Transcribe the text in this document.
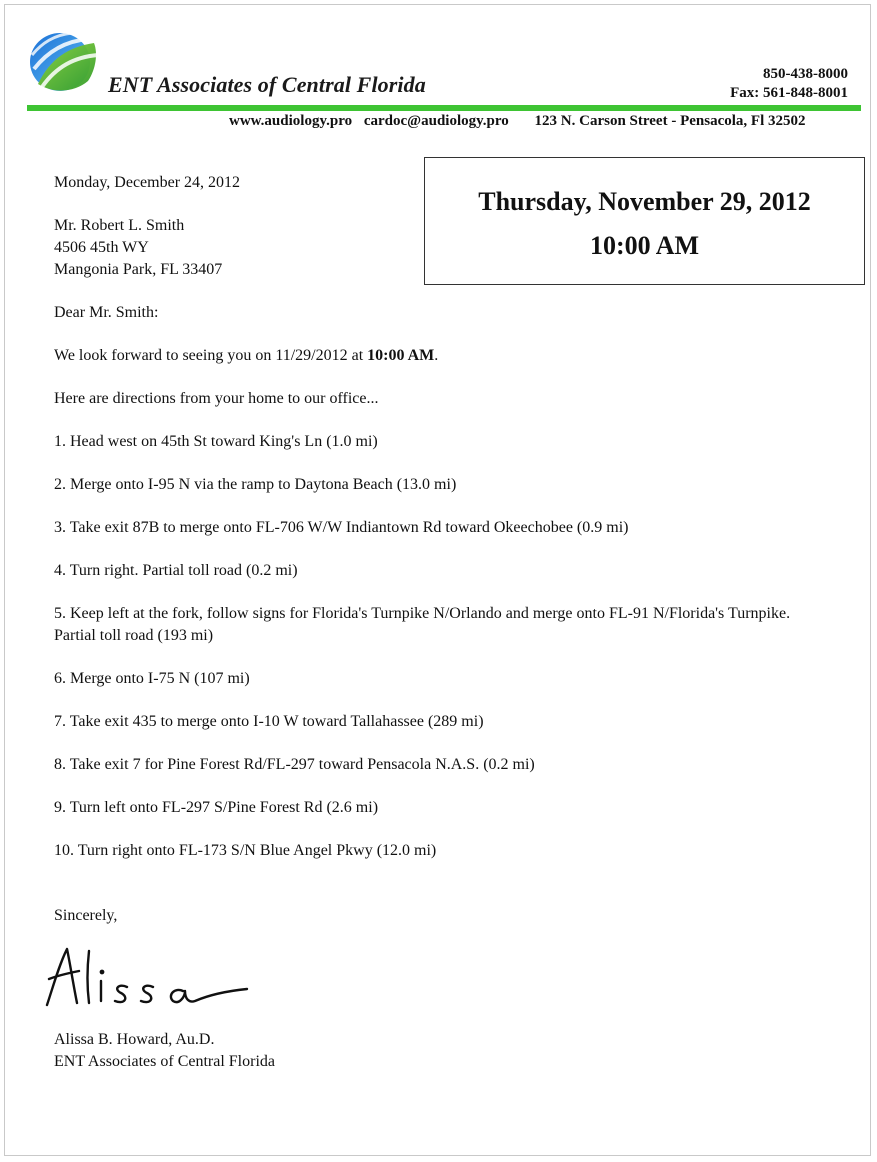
ENT Associates of Central Florida	850-438-8000
Fax: 561-848-8001
www.audiology.pro cardoc@audiology.pro 123 N. Carson Street - Pensacola, Fl 32502
Thursday, November 29, 2012
10:00 AM

Monday, December 24, 2012

Mr. Robert L. Smith

4506 45th WY

Mangonia Park, FL 33407

Dear Mr. Smith:

We look forward to seeing you on 11/29/2012 at 10:00 AM.

Here are directions from your home to our office...

1. Head west on 45th St toward King's Ln (1.0 mi)

2. Merge onto I-95 N via the ramp to Daytona Beach (13.0 mi)

3. Take exit 87B to merge onto FL-706 W/W Indiantown Rd toward Okeechobee (0.9 mi)

4. Turn right. Partial toll road (0.2 mi)

5. Keep left at the fork, follow signs for Florida's Turnpike N/Orlando and merge onto FL-91 N/Florida's Turnpike. Partial toll road (193 mi)

6. Merge onto I-75 N (107 mi)

7. Take exit 435 to merge onto I-10 W toward Tallahassee (289 mi)

8. Take exit 7 for Pine Forest Rd/FL-297 toward Pensacola N.A.S. (0.2 mi)

9. Turn left onto FL-297 S/Pine Forest Rd (2.6 mi)

10. Turn right onto FL-173 S/N Blue Angel Pkwy (12.0 mi)

Sincerely,

Alissa B. Howard, Au.D.
ENT Associates of Central Florida
